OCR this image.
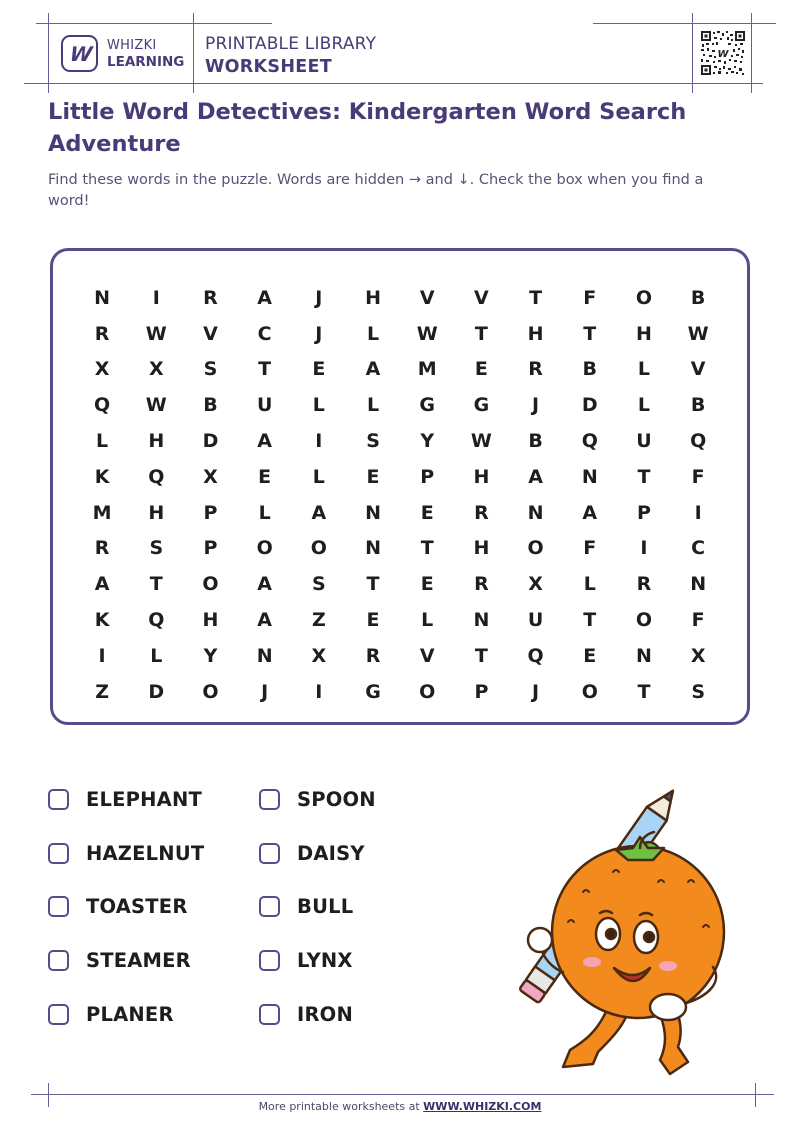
W WHIZKI
LEARNING
PRINTABLE LIBRARY
WORKSHEET
W
Little Word Detectives: Kindergarten Word Search Adventure
Find these words in the puzzle. Words are hidden → and ↓. Check the box when you find a word!
N	I	R	A	J	H	V	V	T	F	O	B
R	W	V	C	J	L	W	T	H	T	H	W
X	X	S	T	E	A	M	E	R	B	L	V
Q	W	B	U	L	L	G	G	J	D	L	B
L	H	D	A	I	S	Y	W	B	Q	U	Q
K	Q	X	E	L	E	P	H	A	N	T	F
M	H	P	L	A	N	E	R	N	A	P	I
R	S	P	O	O	N	T	H	O	F	I	C
A	T	O	A	S	T	E	R	X	L	R	N
K	Q	H	A	Z	E	L	N	U	T	O	F
I	L	Y	N	X	R	V	T	Q	E	N	X
Z	D	O	J	I	G	O	P	J	O	T	S
ELEPHANT
HAZELNUT
TOASTER
STEAMER
PLANER
SPOON
DAISY
BULL
LYNX
IRON
More printable worksheets at WWW.WHIZKI.COM
